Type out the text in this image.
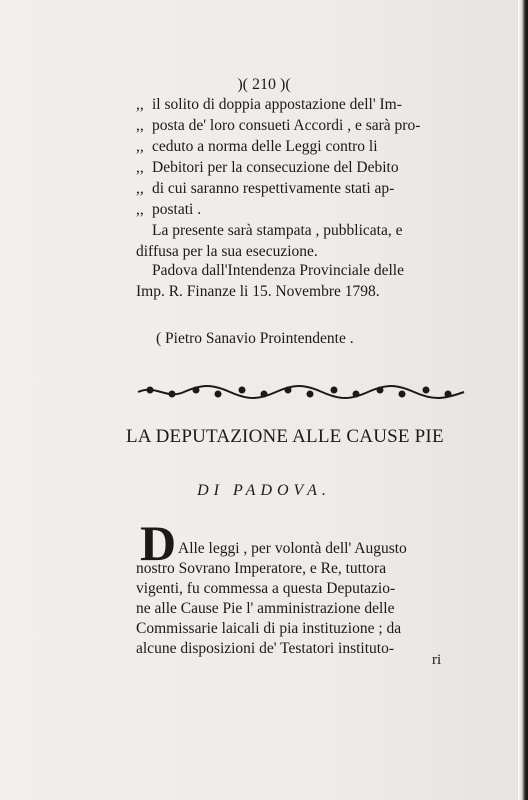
)( 210 )(
,, il solito di doppia appostazione dell' Im-
,, posta de' loro consueti Accordi , e sarà pro-
,, ceduto a norma delle Leggi contro li
,, Debitori per la consecuzione del Debito
,, di cui saranno respettivamente stati ap-
,, postati .
La presente sarà stampata , pubblicata, e
diffusa per la sua esecuzione.
Padova dall'Intendenza Provinciale delle
Imp. R. Finanze li 15. Novembre 1798.
( Pietro Sanavio Prointendente .
LA DEPUTAZIONE ALLE CAUSE PIE
DI PADOVA.
D Alle leggi , per volontà dell' Augusto
nostro Sovrano Imperatore, e Re, tuttora
vigenti, fu commessa a questa Deputazio-
ne alle Cause Pie l' amministrazione delle
Commissarie laicali di pia instituzione ; da
alcune disposizioni de' Testatori instituto-
ri
